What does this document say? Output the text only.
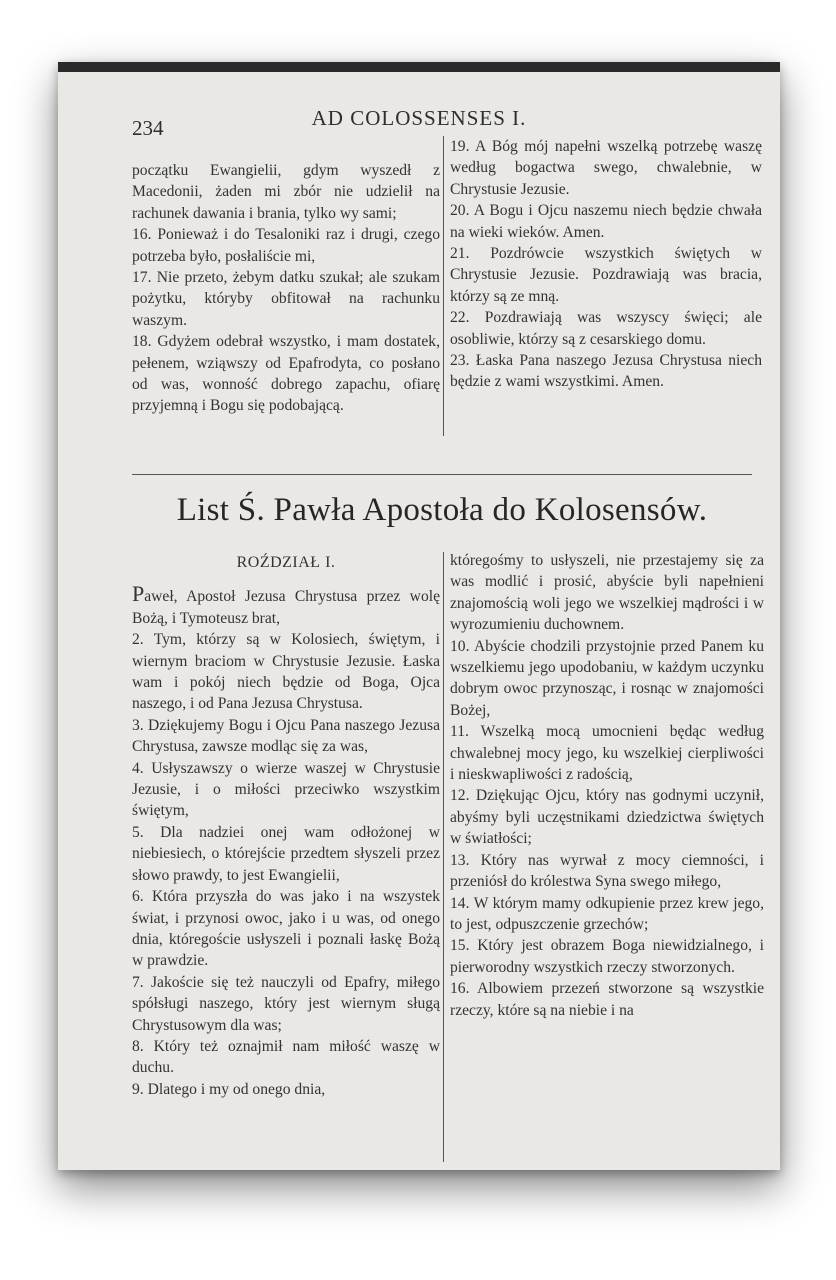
234	AD COLOSSENSES I.

początku Ewangielii, gdym wyszedł z Macedonii, żaden mi zbór nie udzielił na rachunek dawania i brania, tylko wy sami;

16. Ponieważ i do Tesaloniki raz i drugi, czego potrzeba było, posłaliście mi,

17. Nie przeto, żebym datku szukał; ale szukam pożytku, któryby obfitował na rachunku waszym.

18. Gdyżem odebrał wszystko, i mam dostatek, pełenem, wziąwszy od Epafrodyta, co posłano od was, wonność dobrego zapachu, ofiarę przyjemną i Bogu się podobającą.

19. A Bóg mój napełni wszelką potrzebę waszę według bogactwa swego, chwalebnie, w Chrystusie Jezusie.

20. A Bogu i Ojcu naszemu niech będzie chwała na wieki wieków. Amen.

21. Pozdrówcie wszystkich świętych w Chrystusie Jezusie. Pozdrawiają was bracia, którzy są ze mną.

22. Pozdrawiają was wszyscy święci; ale osobliwie, którzy są z cesarskiego domu.

23. Łaska Pana naszego Jezusa Chrystusa niech będzie z wami wszystkimi. Amen.

List Ś. Pawła Apostoła do Kolosensów.

ROŹDZIAŁ I.

Paweł, Apostoł Jezusa Chrystusa przez wolę Bożą, i Tymoteusz brat,

2. Tym, którzy są w Kolosiech, świętym, i wiernym braciom w Chrystusie Jezusie. Łaska wam i pokój niech będzie od Boga, Ojca naszego, i od Pana Jezusa Chrystusa.

3. Dziękujemy Bogu i Ojcu Pana naszego Jezusa Chrystusa, zawsze modląc się za was,

4. Usłyszawszy o wierze waszej w Chrystusie Jezusie, i o miłości przeciwko wszystkim świętym,

5. Dla nadziei onej wam odłożonej w niebiesiech, o którejście przedtem słyszeli przez słowo prawdy, to jest Ewangielii,

6. Która przyszła do was jako i na wszystek świat, i przynosi owoc, jako i u was, od onego dnia, któregoście usłyszeli i poznali łaskę Bożą w prawdzie.

7. Jakoście się też nauczyli od Epafry, miłego spółsługi naszego, który jest wiernym sługą Chrystusowym dla was;

8. Który też oznajmił nam miłość waszę w duchu.

9. Dlatego i my od onego dnia,

któregośmy to usłyszeli, nie przestajemy się za was modlić i prosić, abyście byli napełnieni znajomością woli jego we wszelkiej mądrości i w wyrozumieniu duchownem.

10. Abyście chodzili przystojnie przed Panem ku wszelkiemu jego upodobaniu, w każdym uczynku dobrym owoc przynosząc, i rosnąc w znajomości Bożej,

11. Wszelką mocą umocnieni będąc według chwalebnej mocy jego, ku wszelkiej cierpliwości i nieskwapliwości z radością,

12. Dziękując Ojcu, który nas godnymi uczynił, abyśmy byli uczęstnikami dziedzictwa świętych w światłości;

13. Który nas wyrwał z mocy ciemności, i przeniósł do królestwa Syna swego miłego,

14. W którym mamy odkupienie przez krew jego, to jest, odpuszczenie grzechów;

15. Który jest obrazem Boga niewidzialnego, i pierworodny wszystkich rzeczy stworzonych.

16. Albowiem przezeń stworzone są wszystkie rzeczy, które są na niebie i na
